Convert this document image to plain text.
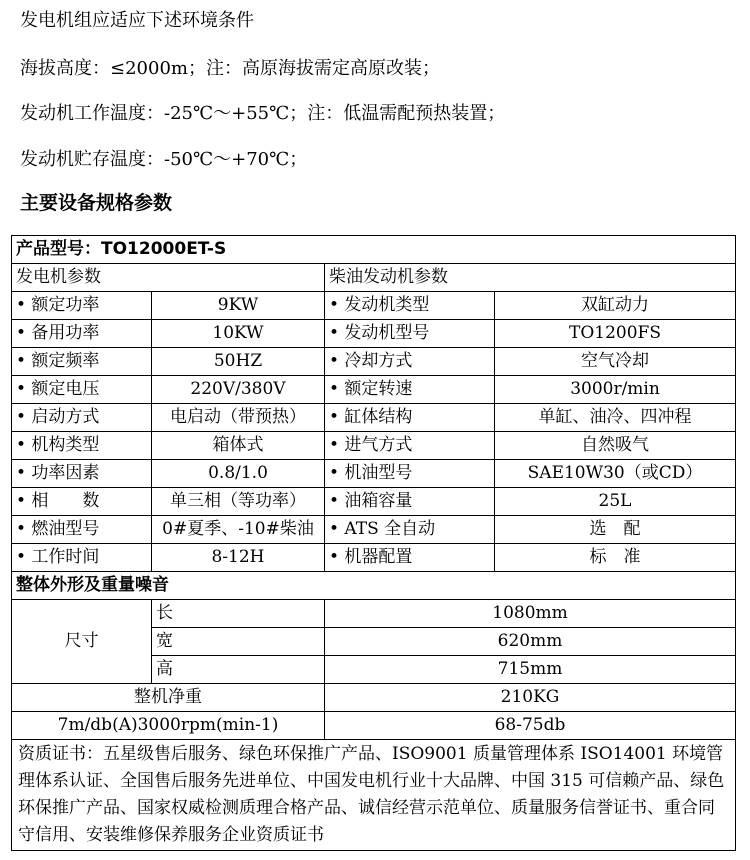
发电机组应适应下述环境条件
海拔高度：≤2000m；注：高原海拔需定高原改装；
发动机工作温度：-25℃～+55℃；注：低温需配预热装置；
发动机贮存温度：-50℃～+70℃；
主要设备规格参数
产品型号：TO12000ET-S			
发电机参数		柴油发动机参数	
• 额定功率	9KW	• 发动机类型	双缸动力
• 备用功率	10KW	• 发动机型号	TO1200FS
• 额定频率	50HZ	• 冷却方式	空气冷却
• 额定电压	220V/380V	• 额定转速	3000r/min
• 启动方式	电启动（带预热）	• 缸体结构	单缸、油冷、四冲程
• 机构类型	箱体式	• 进气方式	自然吸气
• 功率因素	0.8/1.0	• 机油型号	SAE10W30（或CD）
• 相　　数	单三相（等功率）	• 油箱容量	25L
• 燃油型号	0#夏季、-10#柴油	• ATS 全自动	选　配
• 工作时间	8-12H	• 机器配置	标　准
整体外形及重量噪音			
尺寸	长	1080mm	
	宽	620mm	
	高	715mm	
整机净重		210KG	
7m/db(A)3000rpm(min-1)		68-75db	
资质证书：五星级售后服务、绿色环保推广产品、ISO9001 质量管理体系 ISO14001 环境管理体系认证、全国售后服务先进单位、中国发电机行业十大品牌、中国 315 可信赖产品、绿色环保推广产品、国家权威检测质理合格产品、诚信经营示范单位、质量服务信誉证书、重合同守信用、安装维修保养服务企业资质证书			
